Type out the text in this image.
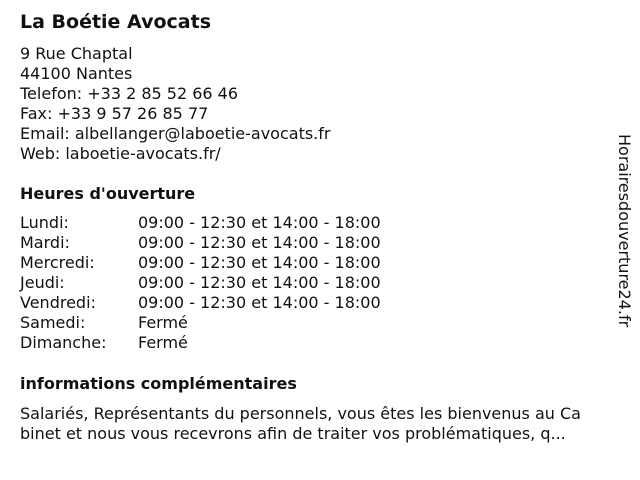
La Boétie Avocats
9 Rue Chaptal
44100 Nantes
Telefon: +33 2 85 52 66 46
Fax: +33 9 57 26 85 77
Email: albellanger@laboetie-avocats.fr
Web: laboetie-avocats.fr/
Heures d'ouverture
Lundi:	09:00 - 12:30 et 14:00 - 18:00
Mardi:	09:00 - 12:30 et 14:00 - 18:00
Mercredi:	09:00 - 12:30 et 14:00 - 18:00
Jeudi:	09:00 - 12:30 et 14:00 - 18:00
Vendredi:	09:00 - 12:30 et 14:00 - 18:00
Samedi:	Fermé
Dimanche: Fermé
informations complémentaires
Salariés, Représentants du personnels, vous êtes les bienvenus au Ca
binet et nous vous recevrons afin de traiter vos problématiques, q...
Horairesdouverture24.fr
